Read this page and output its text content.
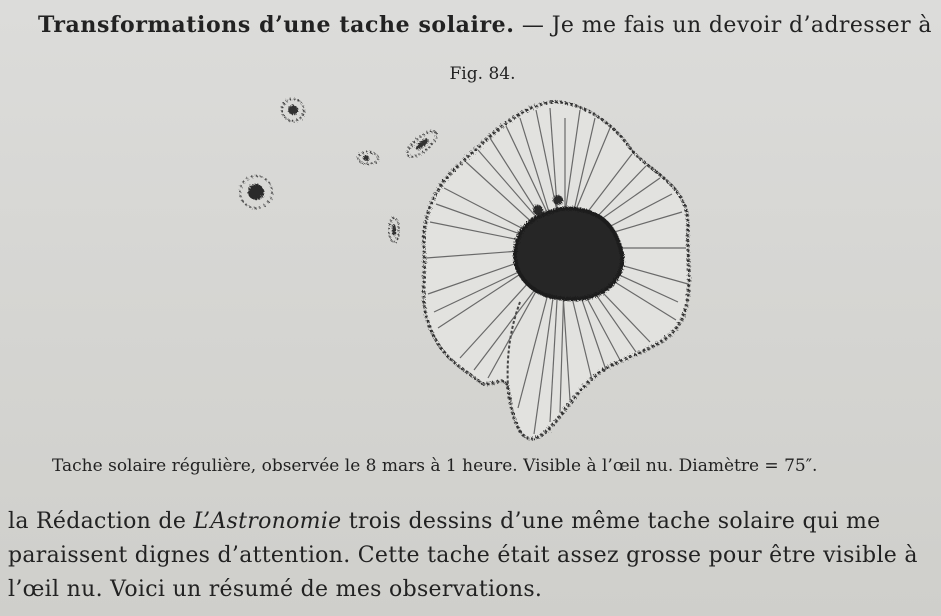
Transformations d’une tache solaire. — Je me fais un devoir d’adresser à
Fig. 84.
Tache solaire régulière, observée le 8 mars à 1 heure. Visible à l’œil nu. Diamètre = 75″.
la Rédaction de L’Astronomie trois dessins d’une même tache solaire qui me
paraissent dignes d’attention. Cette tache était assez grosse pour être visible à
l’œil nu. Voici un résumé de mes observations.
